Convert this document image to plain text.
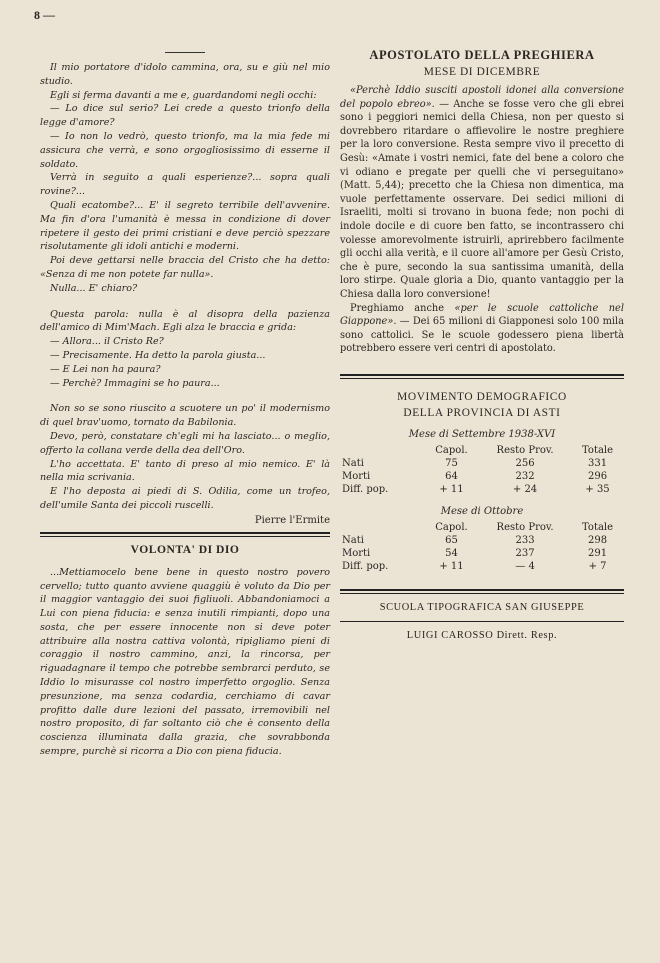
8 —

Il mio portatore d'idolo cammina, ora, su e giù nel mio studio.

Egli si ferma davanti a me e, guardandomi negli occhi:

— Lo dice sul serio? Lei crede a questo trionfo della legge d'amore?

— Io non lo vedrò, questo trionfo, ma la mia fede mi assicura che verrà, e sono orgogliosissimo di esserne il soldato.

Verrà in seguito a quali esperienze?... sopra quali rovine?...

Quali ecatombe?... E' il segreto terribile dell'avvenire. Ma fin d'ora l'umanità è messa in condizione di dover ripetere il gesto dei primi cristiani e deve perciò spezzare risolutamente gli idoli antichi e moderni.

Poi deve gettarsi nelle braccia del Cristo che ha detto: «Senza di me non potete far nulla».

Nulla... E' chiaro?

Questa parola: nulla è al disopra della pazienza dell'amico di Mim'Mach. Egli alza le braccia e grida:

— Allora... il Cristo Re?

— Precisamente. Ha detto la parola giusta...

— E Lei non ha paura?

— Perchè? Immagini se ho paura...

Non so se sono riuscito a scuotere un po' il modernismo di quel brav'uomo, tornato da Babilonia.

Devo, però, constatare ch'egli mi ha lasciato... o meglio, offerto la collana verde della dea dell'Oro.

L'ho accettata. E' tanto di preso al mio nemico. E' là nella mia scrivania.

E l'ho deposta ai piedi di S. Odilia, come un trofeo, dell'umile Santa dei piccoli ruscelli.

Pierre l'Ermite
VOLONTA' DI DIO

...Mettiamocelo bene bene in questo nostro povero cervello; tutto quanto avviene quaggiù è voluto da Dio per il maggior vantaggio dei suoi figliuoli. Abbandoniamoci a Lui con piena fiducia: e senza inutili rimpianti, dopo una sosta, che per essere innocente non si deve poter attribuire alla nostra cattiva volontà, ripigliamo pieni di coraggio il nostro cammino, anzi, la rincorsa, per riguadagnare il tempo che potrebbe sembrarci perduto, se Iddio lo misurasse col nostro imperfetto orgoglio. Senza presunzione, ma senza codardia, cerchiamo di cavar profitto dalle dure lezioni del passato, irremovibili nel nostro proposito, di far soltanto ciò che è consento della coscienza illuminata dalla grazia, che sovrabbonda sempre, purchè si ricorra a Dio con piena fiducia.

APOSTOLATO DELLA PREGHIERA
MESE DI DICEMBRE

«Perchè Iddio susciti apostoli idonei alla conversione del popolo ebreo». — Anche se fosse vero che gli ebrei sono i peggiori nemici della Chiesa, non per questo si dovrebbero ritardare o affievolire le nostre preghiere per la loro conversione. Resta sempre vivo il precetto di Gesù: «Amate i vostri nemici, fate del bene a coloro che vi odiano e pregate per quelli che vi perseguitano» (Matt. 5,44); precetto che la Chiesa non dimentica, ma vuole perfettamente osservare. Dei sedici milioni di Israeliti, molti si trovano in buona fede; non pochi di indole docile e di cuore ben fatto, se incontrassero chi volesse amorevolmente istruirli, aprirebbero facilmente gli occhi alla verità, e il cuore all'amore per Gesù Cristo, che è pure, secondo la sua santissima umanità, della loro stirpe. Quale gloria a Dio, quanto vantaggio per la Chiesa dalla loro conversione!

Preghiamo anche «per le scuole cattoliche nel Giappone». — Dei 65 milioni di Giapponesi solo 100 mila sono cattolici. Se le scuole godessero piena libertà potrebbero essere veri centri di apostolato.

MOVIMENTO DEMOGRAFICO
DELLA PROVINCIA DI ASTI
Mese di Settembre 1938-XVI
	Capol.	Resto Prov.	Totale
Nati	75	256	331
Morti	64	232	296
Diff. pop.	+ 11	+ 24	+ 35
Mese di Ottobre
	Capol.	Resto Prov.	Totale
Nati	65	233	298
Morti	54	237	291
Diff. pop.	+ 11	— 4	+ 7
SCUOLA TIPOGRAFICA SAN GIUSEPPE
LUIGI CAROSSO Dirett. Resp.
